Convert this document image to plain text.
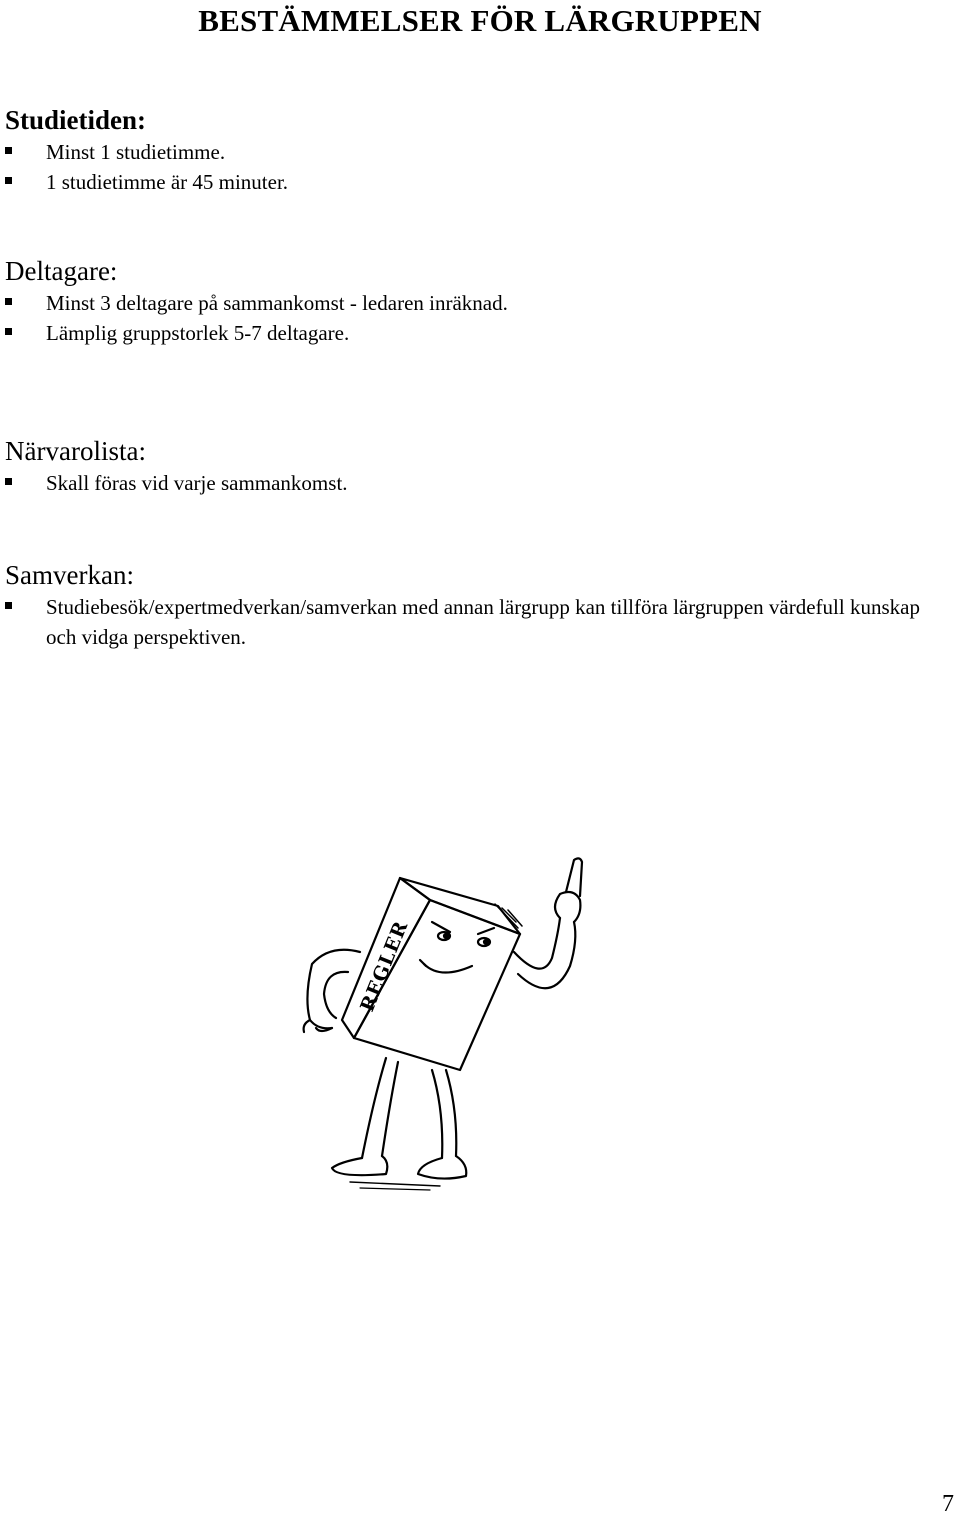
BESTÄMMELSER FÖR LÄRGRUPPEN
Studietiden:
Minst 1 studietimme.
1 studietimme är 45 minuter.
Deltagare:
Minst 3 deltagare på sammankomst - ledaren inräknad.
Lämplig gruppstorlek 5-7 deltagare.
Närvarolista:
Skall föras vid varje sammankomst.
Samverkan:
Studiebesök/expertmedverkan/samverkan med annan lärgrupp kan tillföra lärgruppen värdefull kunskap och vidga perspektiven.
REGLER
7
